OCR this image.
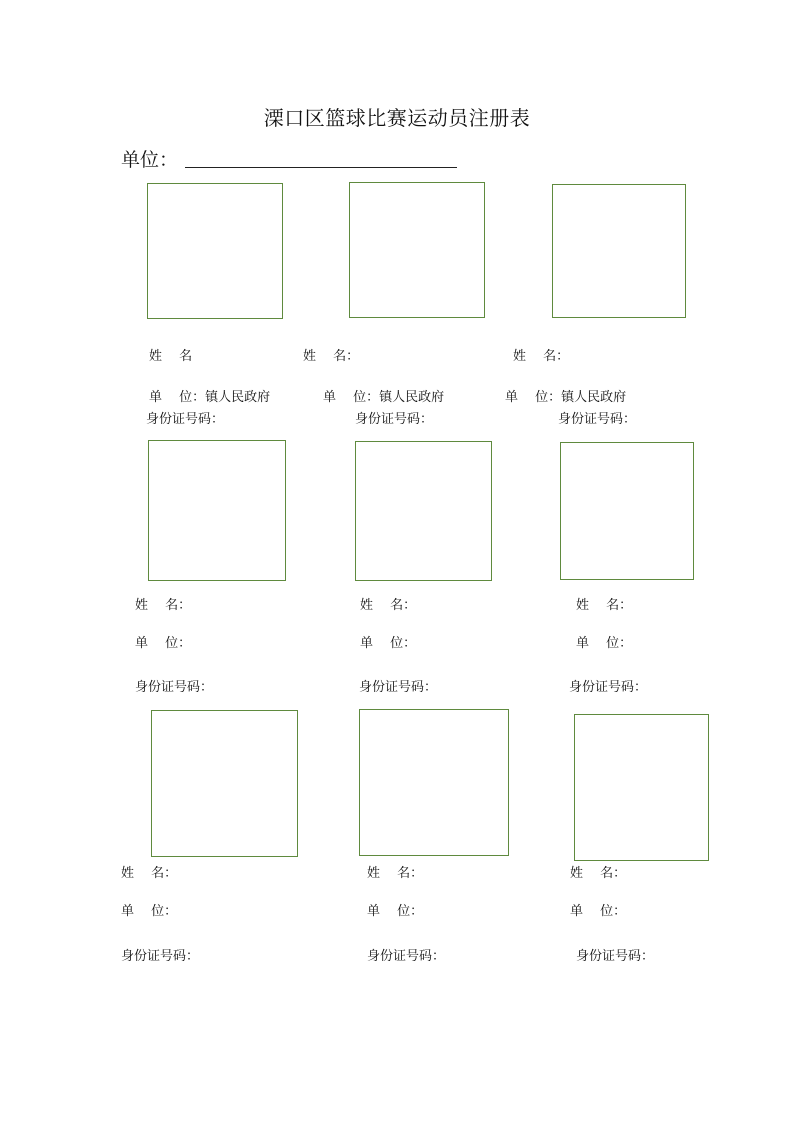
溧口区篮球比赛运动员注册表
单位：
姓　 名	姓　 名：	姓　 名：
单　 位：镇人民政府	单　 位：镇人民政府	单　 位：镇人民政府
身份证号码：	身份证号码：	身份证号码：
姓　 名：	姓　 名：	姓　 名：
单　 位：	单　 位：	单　 位：
身份证号码：	身份证号码：	身份证号码：
姓　 名：	姓　 名：	姓　 名：
单　 位：	单　 位：	单　 位：
身份证号码：	身份证号码：	身份证号码：
